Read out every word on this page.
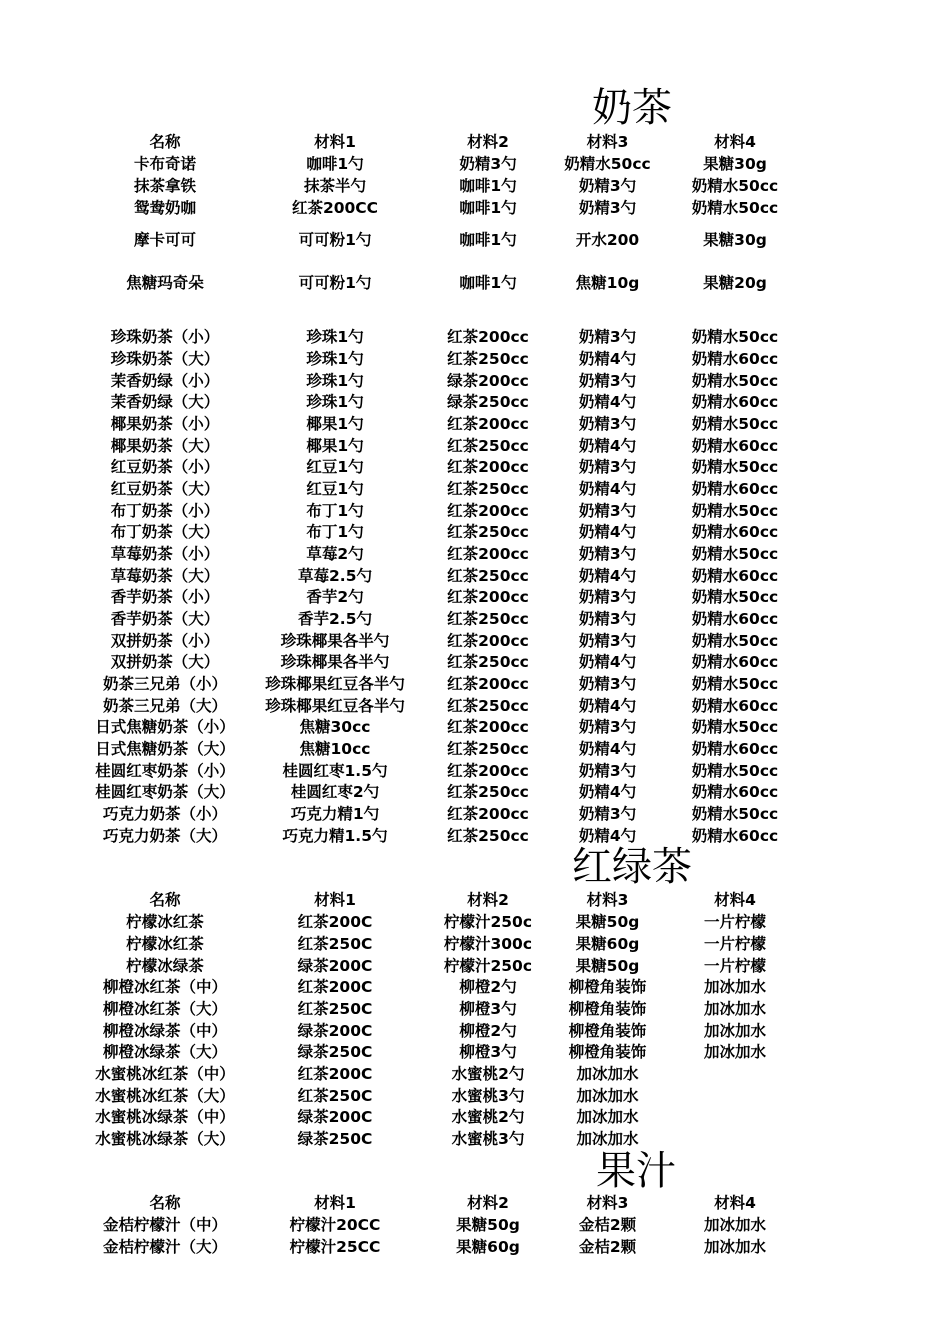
奶茶
名称	材料1	材料2	材料3	材料4
卡布奇诺	咖啡1勺	奶精3勺	奶精水50cc	果糖30g
抹茶拿铁	抹茶半勺	咖啡1勺	奶精3勺	奶精水50cc
鸳鸯奶咖	红茶200CC	咖啡1勺	奶精3勺	奶精水50cc
摩卡可可	可可粉1勺	咖啡1勺	开水200	果糖30g
焦糖玛奇朵	可可粉1勺	咖啡1勺	焦糖10g	果糖20g
珍珠奶茶（小）	珍珠1勺	红茶200cc	奶精3勺	奶精水50cc
珍珠奶茶（大）	珍珠1勺	红茶250cc	奶精4勺	奶精水60cc
茉香奶绿（小）	珍珠1勺	绿茶200cc	奶精3勺	奶精水50cc
茉香奶绿（大）	珍珠1勺	绿茶250cc	奶精4勺	奶精水60cc
椰果奶茶（小）	椰果1勺	红茶200cc	奶精3勺	奶精水50cc
椰果奶茶（大）	椰果1勺	红茶250cc	奶精4勺	奶精水60cc
红豆奶茶（小）	红豆1勺	红茶200cc	奶精3勺	奶精水50cc
红豆奶茶（大）	红豆1勺	红茶250cc	奶精4勺	奶精水60cc
布丁奶茶（小）	布丁1勺	红茶200cc	奶精3勺	奶精水50cc
布丁奶茶（大）	布丁1勺	红茶250cc	奶精4勺	奶精水60cc
草莓奶茶（小）	草莓2勺	红茶200cc	奶精3勺	奶精水50cc
草莓奶茶（大）	草莓2.5勺	红茶250cc	奶精4勺	奶精水60cc
香芋奶茶（小）	香芋2勺	红茶200cc	奶精3勺	奶精水50cc
香芋奶茶（大）	香芋2.5勺	红茶250cc	奶精3勺	奶精水60cc
双拼奶茶（小）	珍珠椰果各半勺	红茶200cc	奶精3勺	奶精水50cc
双拼奶茶（大）	珍珠椰果各半勺	红茶250cc	奶精4勺	奶精水60cc
奶茶三兄弟（小）	珍珠椰果红豆各半勺	红茶200cc	奶精3勺	奶精水50cc
奶茶三兄弟（大）	珍珠椰果红豆各半勺	红茶250cc	奶精4勺	奶精水60cc
日式焦糖奶茶（小）	焦糖30cc	红茶200cc	奶精3勺	奶精水50cc
日式焦糖奶茶（大）	焦糖10cc	红茶250cc	奶精4勺	奶精水60cc
桂圆红枣奶茶（小）	桂圆红枣1.5勺	红茶200cc	奶精3勺	奶精水50cc
桂圆红枣奶茶（大）	桂圆红枣2勺	红茶250cc	奶精4勺	奶精水60cc
巧克力奶茶（小）	巧克力精1勺	红茶200cc	奶精3勺	奶精水50cc
巧克力奶茶（大）	巧克力精1.5勺	红茶250cc	奶精4勺	奶精水60cc
红绿茶
名称	材料1	材料2	材料3	材料4
柠檬冰红茶	红茶200C	柠檬汁250c	果糖50g	一片柠檬
柠檬冰红茶	红茶250C	柠檬汁300c	果糖60g	一片柠檬
柠檬冰绿茶	绿茶200C	柠檬汁250c	果糖50g	一片柠檬
柳橙冰红茶（中）	红茶200C	柳橙2勺	柳橙角装饰	加冰加水
柳橙冰红茶（大）	红茶250C	柳橙3勺	柳橙角装饰	加冰加水
柳橙冰绿茶（中）	绿茶200C	柳橙2勺	柳橙角装饰	加冰加水
柳橙冰绿茶（大）	绿茶250C	柳橙3勺	柳橙角装饰	加冰加水
水蜜桃冰红茶（中）	红茶200C	水蜜桃2勺	加冰加水
水蜜桃冰红茶（大）	红茶250C	水蜜桃3勺	加冰加水
水蜜桃冰绿茶（中）	绿茶200C	水蜜桃2勺	加冰加水
水蜜桃冰绿茶（大）	绿茶250C	水蜜桃3勺	加冰加水
果汁
名称	材料1	材料2	材料3	材料4
金桔柠檬汁（中）	柠檬汁20CC	果糖50g	金桔2颗	加冰加水
金桔柠檬汁（大）	柠檬汁25CC	果糖60g	金桔2颗	加冰加水
